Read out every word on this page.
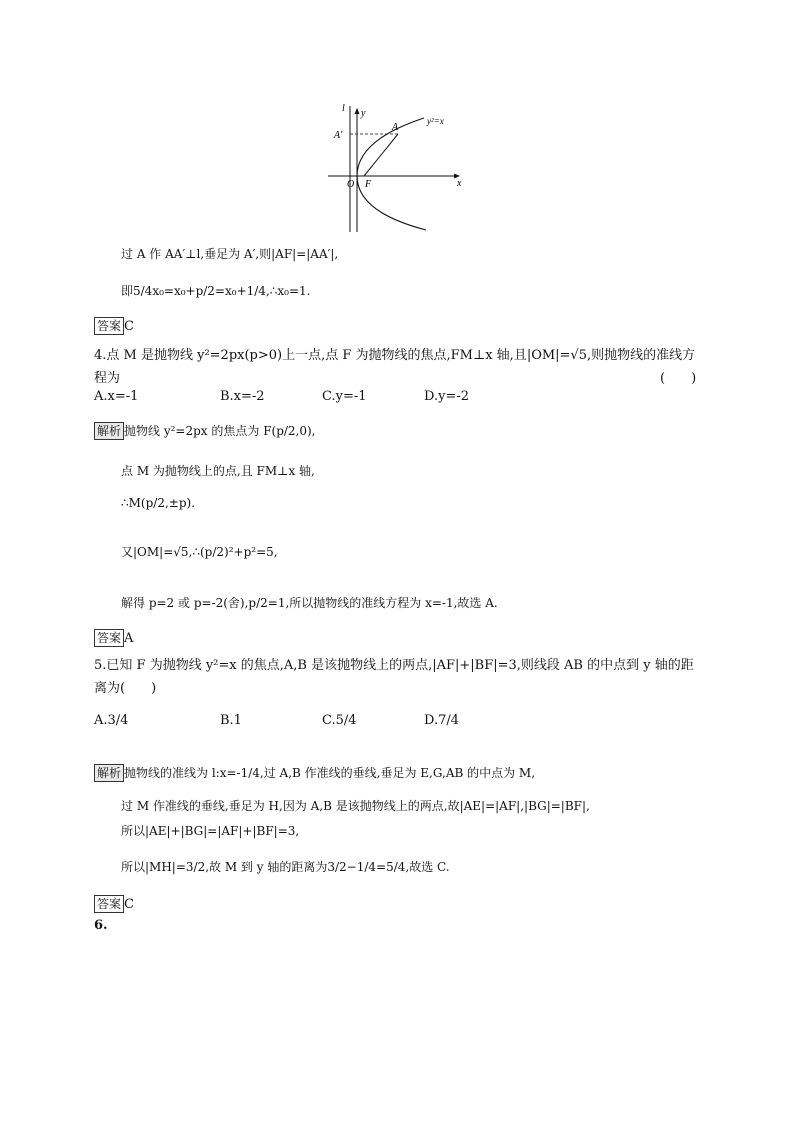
l y
x
A′
A
O F
y²=x
过 A 作 AA′⊥l,垂足为 A′,则|AF|=|AA′|,
即5/4x₀=x₀+p/2=x₀+1/4,∴x₀=1.
答案 C
4.点 M 是抛物线 y²=2px(p>0)上一点,点 F 为抛物线的焦点,FM⊥x 轴,且|OM|=√5,则抛物线的准线方
程为	(　　)
A.x=-1	B.x=-2	C.y=-1	D.y=-2
解析 抛物线 y²=2px 的焦点为 F(p/2,0),
点 M 为抛物线上的点,且 FM⊥x 轴,
∴M(p/2,±p).
又|OM|=√5,∴(p/2)²+p²=5,
解得 p=2 或 p=-2(舍),p/2=1,所以抛物线的准线方程为 x=-1,故选 A.
答案 A
5.已知 F 为抛物线 y²=x 的焦点,A,B 是该抛物线上的两点,|AF|+|BF|=3,则线段 AB 的中点到 y 轴的距
离为(　　)
A.3/4	B.1	C.5/4	D.7/4
解析 抛物线的准线为 l:x=-1/4,过 A,B 作准线的垂线,垂足为 E,G,AB 的中点为 M,
过 M 作准线的垂线,垂足为 H,因为 A,B 是该抛物线上的两点,故|AE|=|AF|,|BG|=|BF|,
所以|AE|+|BG|=|AF|+|BF|=3,
所以|MH|=3/2,故 M 到 y 轴的距离为3/2−1/4=5/4,故选 C.
答案 C
6.
